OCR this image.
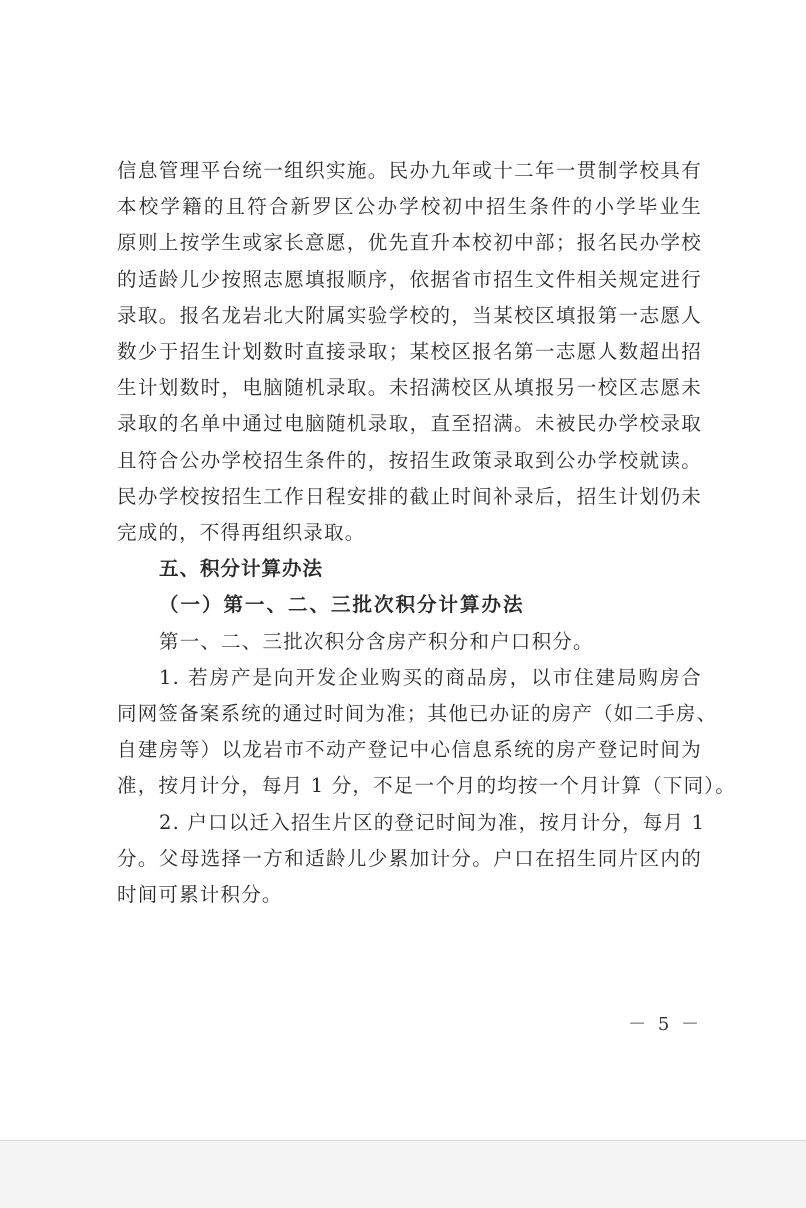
信息管理平台统一组织实施。民办九年或十二年一贯制学校具有
本校学籍的且符合新罗区公办学校初中招生条件的小学毕业生
原则上按学生或家长意愿，优先直升本校初中部；报名民办学校
的适龄儿少按照志愿填报顺序，依据省市招生文件相关规定进行
录取。报名龙岩北大附属实验学校的，当某校区填报第一志愿人
数少于招生计划数时直接录取；某校区报名第一志愿人数超出招
生计划数时，电脑随机录取。未招满校区从填报另一校区志愿未
录取的名单中通过电脑随机录取，直至招满。未被民办学校录取
且符合公办学校招生条件的，按招生政策录取到公办学校就读。
民办学校按招生工作日程安排的截止时间补录后，招生计划仍未
完成的，不得再组织录取。
五、积分计算办法
（一）第一、二、三批次积分计算办法
第一、二、三批次积分含房产积分和户口积分。
1. 若房产是向开发企业购买的商品房，以市住建局购房合
同网签备案系统的通过时间为准；其他已办证的房产（如二手房、
自建房等）以龙岩市不动产登记中心信息系统的房产登记时间为
准，按月计分，每月 1 分，不足一个月的均按一个月计算（下同）。
2. 户口以迁入招生片区的登记时间为准，按月计分，每月 1
分。父母选择一方和适龄儿少累加计分。户口在招生同片区内的
时间可累计积分。
－ 5 －
